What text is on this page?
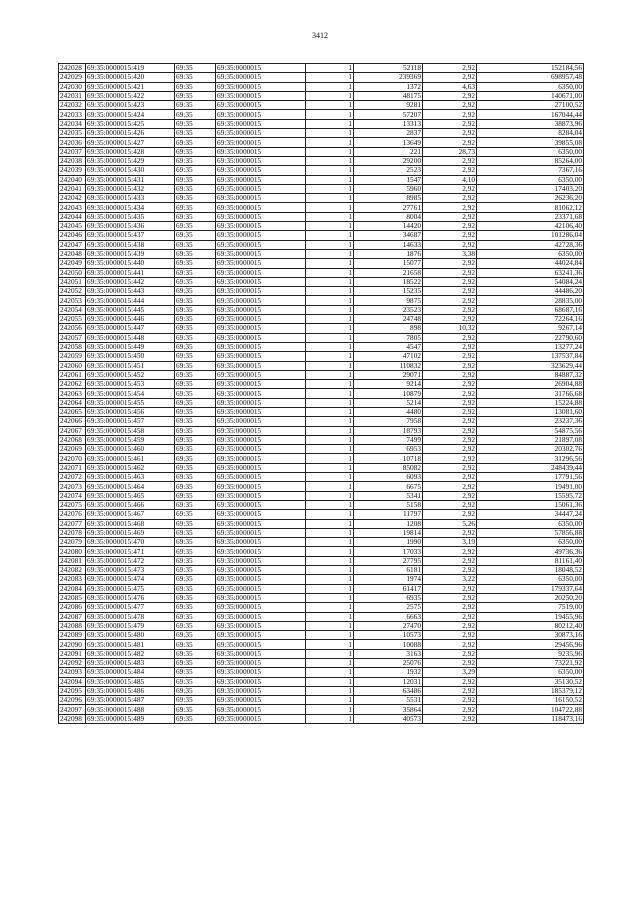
3412
242028	69:35:0000015:419	69:35	69:35:0000015	1	52118	2,92	152184,56
242029	69:35:0000015:420	69:35	69:35:0000015	1	239369	2,92	698957,48
242030	69:35:0000015:421	69:35	69:35:0000015	1	1372	4,63	6350,00
242031	69:35:0000015:422	69:35	69:35:0000015	1	48175	2,92	140671,00
242032	69:35:0000015:423	69:35	69:35:0000015	1	9281	2,92	27100,52
242033	69:35:0000015:424	69:35	69:35:0000015	1	57207	2,92	167044,44
242034	69:35:0000015:425	69:35	69:35:0000015	1	13313	2,92	38873,96
242035	69:35:0000015:426	69:35	69:35:0000015	1	2837	2,92	8284,04
242036	69:35:0000015:427	69:35	69:35:0000015	1	13649	2,92	39855,08
242037	69:35:0000015:428	69:35	69:35:0000015	1	221	28,73	6350,00
242038	69:35:0000015:429	69:35	69:35:0000015	1	29200	2,92	85264,00
242039	69:35:0000015:430	69:35	69:35:0000015	1	2523	2,92	7367,16
242040	69:35:0000015:431	69:35	69:35:0000015	1	1547	4,10	6350,00
242041	69:35:0000015:432	69:35	69:35:0000015	1	5960	2,92	17403,20
242042	69:35:0000015:433	69:35	69:35:0000015	1	8985	2,92	26236,20
242043	69:35:0000015:434	69:35	69:35:0000015	1	27761	2,92	81062,12
242044	69:35:0000015:435	69:35	69:35:0000015	1	8004	2,92	23371,68
242045	69:35:0000015:436	69:35	69:35:0000015	1	14420	2,92	42106,40
242046	69:35:0000015:437	69:35	69:35:0000015	1	34687	2,92	101286,04
242047	69:35:0000015:438	69:35	69:35:0000015	1	14633	2,92	42728,36
242048	69:35:0000015:439	69:35	69:35:0000015	1	1876	3,38	6350,00
242049	69:35:0000015:440	69:35	69:35:0000015	1	15077	2,92	44024,84
242050	69:35:0000015:441	69:35	69:35:0000015	1	21658	2,92	63241,36
242051	69:35:0000015:442	69:35	69:35:0000015	1	18522	2,92	54084,24
242052	69:35:0000015:443	69:35	69:35:0000015	1	15235	2,92	44486,20
242053	69:35:0000015:444	69:35	69:35:0000015	1	9875	2,92	28835,00
242054	69:35:0000015:445	69:35	69:35:0000015	1	23523	2,92	68687,16
242055	69:35:0000015:446	69:35	69:35:0000015	1	24748	2,92	72264,16
242056	69:35:0000015:447	69:35	69:35:0000015	1	898	10,32	9267,14
242057	69:35:0000015:448	69:35	69:35:0000015	1	7805	2,92	22790,60
242058	69:35:0000015:449	69:35	69:35:0000015	1	4547	2,92	13277,24
242059	69:35:0000015:450	69:35	69:35:0000015	1	47102	2,92	137537,84
242060	69:35:0000015:451	69:35	69:35:0000015	1	110832	2,92	323629,44
242061	69:35:0000015:452	69:35	69:35:0000015	1	29071	2,92	84887,32
242062	69:35:0000015:453	69:35	69:35:0000015	1	9214	2,92	26904,88
242063	69:35:0000015:454	69:35	69:35:0000015	1	10879	2,92	31766,68
242064	69:35:0000015:455	69:35	69:35:0000015	1	5214	2,92	15224,88
242065	69:35:0000015:456	69:35	69:35:0000015	1	4480	2,92	13081,60
242066	69:35:0000015:457	69:35	69:35:0000015	1	7958	2,92	23237,36
242067	69:35:0000015:458	69:35	69:35:0000015	1	18793	2,92	54875,56
242068	69:35:0000015:459	69:35	69:35:0000015	1	7499	2,92	21897,08
242069	69:35:0000015:460	69:35	69:35:0000015	1	6953	2,92	20302,76
242070	69:35:0000015:461	69:35	69:35:0000015	1	10718	2,92	31296,56
242071	69:35:0000015:462	69:35	69:35:0000015	1	85082	2,92	248439,44
242072	69:35:0000015:463	69:35	69:35:0000015	1	6093	2,92	17791,56
242073	69:35:0000015:464	69:35	69:35:0000015	1	6675	2,92	19491,00
242074	69:35:0000015:465	69:35	69:35:0000015	1	5341	2,92	15595,72
242075	69:35:0000015:466	69:35	69:35:0000015	1	5158	2,92	15061,36
242076	69:35:0000015:467	69:35	69:35:0000015	1	11797	2,92	34447,24
242077	69:35:0000015:468	69:35	69:35:0000015	1	1208	5,26	6350,00
242078	69:35:0000015:469	69:35	69:35:0000015	1	19814	2,92	57856,88
242079	69:35:0000015:470	69:35	69:35:0000015	1	1990	3,19	6350,00
242080	69:35:0000015:471	69:35	69:35:0000015	1	17033	2,92	49736,36
242081	69:35:0000015:472	69:35	69:35:0000015	1	27795	2,92	81161,40
242082	69:35:0000015:473	69:35	69:35:0000015	1	6181	2,92	18048,52
242083	69:35:0000015:474	69:35	69:35:0000015	1	1974	3,22	6350,00
242084	69:35:0000015:475	69:35	69:35:0000015	1	61417	2,92	179337,64
242085	69:35:0000015:476	69:35	69:35:0000015	1	6935	2,92	20250,20
242086	69:35:0000015:477	69:35	69:35:0000015	1	2575	2,92	7519,00
242087	69:35:0000015:478	69:35	69:35:0000015	1	6663	2,92	19455,96
242088	69:35:0000015:479	69:35	69:35:0000015	1	27470	2,92	80212,40
242089	69:35:0000015:480	69:35	69:35:0000015	1	10573	2,92	30873,16
242090	69:35:0000015:481	69:35	69:35:0000015	1	10088	2,92	29456,96
242091	69:35:0000015:482	69:35	69:35:0000015	1	3163	2,92	9235,96
242092	69:35:0000015:483	69:35	69:35:0000015	1	25076	2,92	73221,92
242093	69:35:0000015:484	69:35	69:35:0000015	1	1932	3,29	6350,00
242094	69:35:0000015:485	69:35	69:35:0000015	1	12031	2,92	35130,52
242095	69:35:0000015:486	69:35	69:35:0000015	1	63486	2,92	185379,12
242096	69:35:0000015:487	69:35	69:35:0000015	1	5531	2,92	16150,52
242097	69:35:0000015:488	69:35	69:35:0000015	1	35864	2,92	104722,88
242098	69:35:0000015:489	69:35	69:35:0000015	1	40573	2,92	118473,16
